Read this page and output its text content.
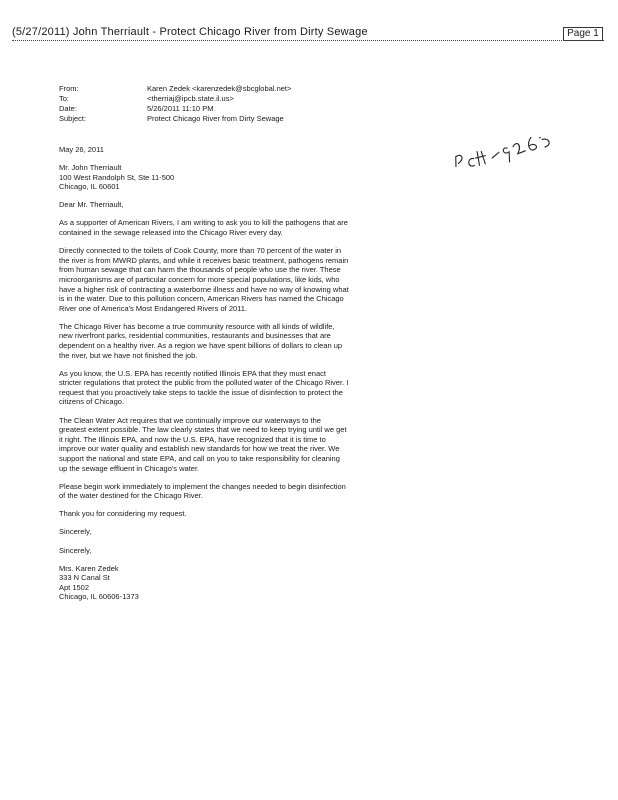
(5/27/2011) John Therriault - Protect Chicago River from Dirty Sewage	Page 1
From:	Karen Zedek <karenzedek@sbcglobal.net>
To:	<therriaj@ipcb.state.il.us>
Date:	5/26/2011 11:10 PM
Subject:	Protect Chicago River from Dirty Sewage

May 26, 2011

Mr. John Therriault
100 West Randolph St, Ste 11-500
Chicago, IL 60601

Dear Mr. Therriault,

As a supporter of American Rivers, I am writing to ask you to kill the pathogens that are contained in the sewage released into the Chicago River every day.

Directly connected to the toilets of Cook County, more than 70 percent of the water in the river is from MWRD plants, and while it receives basic treatment, pathogens remain from human sewage that can harm the thousands of people who use the river. These microorganisms are of particular concern for more special populations, like kids, who have a higher risk of contracting a waterborne illness and have no way of knowing what is in the water. Due to this pollution concern, American Rivers has named the Chicago River one of America's Most Endangered Rivers of 2011.

The Chicago River has become a true community resource with all kinds of wildlife, new riverfront parks, residential communities, restaurants and businesses that are dependent on a healthy river. As a region we have spent billions of dollars to clean up the river, but we have not finished the job.

As you know, the U.S. EPA has recently notified Illinois EPA that they must enact stricter regulations that protect the public from the polluted water of the Chicago River. I request that you proactively take steps to tackle the issue of disinfection to protect the citizens of Chicago.

The Clean Water Act requires that we continually improve our waterways to the greatest extent possible. The law clearly states that we need to keep trying until we get it right. The Illinois EPA, and now the U.S. EPA, have recognized that it is time to improve our water quality and establish new standards for how we treat the river. We support the national and state EPA, and call on you to take responsibility for cleaning up the sewage effluent in Chicago's water.

Please begin work immediately to implement the changes needed to begin disinfection of the water destined for the Chicago River.

Thank you for considering my request.

Sincerely,

Sincerely,

Mrs. Karen Zedek
333 N Canal St
Apt 1502
Chicago, IL 60606-1373
